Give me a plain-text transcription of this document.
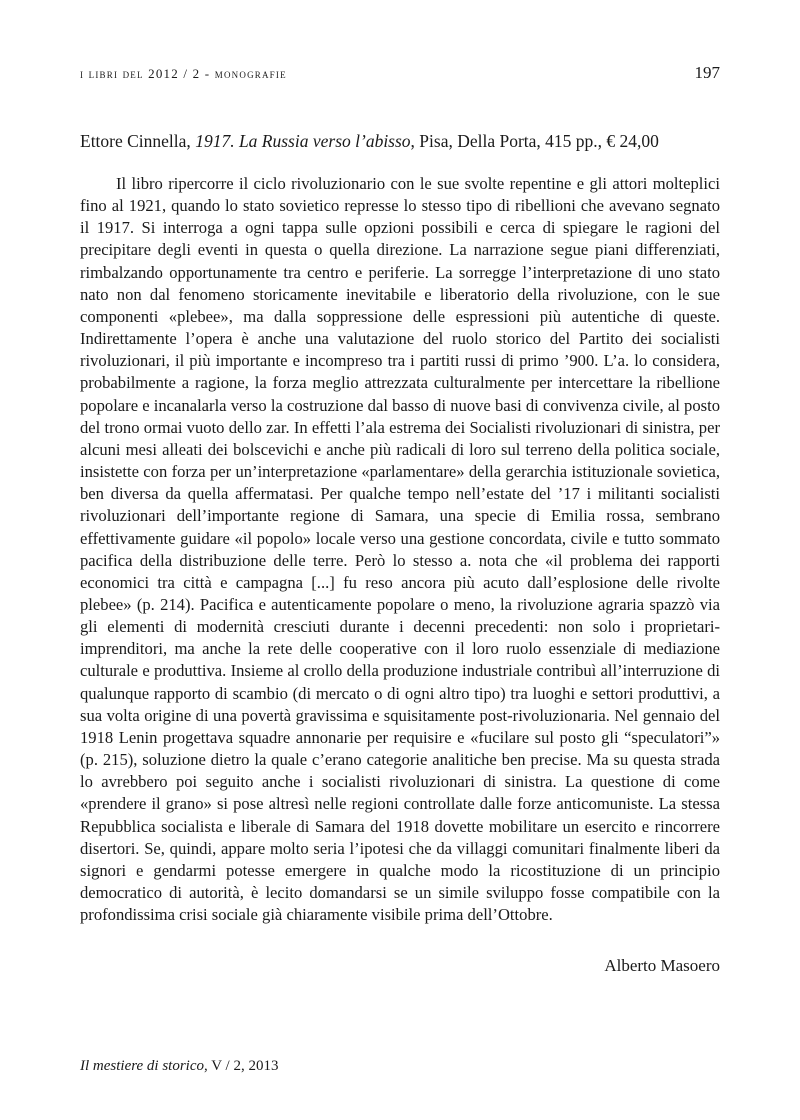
i libri del 2012 / 2 - monografie	197
Ettore Cinnella, 1917. La Russia verso l’abisso, Pisa, Della Porta, 415 pp., € 24,00

Il libro ripercorre il ciclo rivoluzionario con le sue svolte repentine e gli attori molteplici fino al 1921, quando lo stato sovietico represse lo stesso tipo di ribellioni che avevano segnato il 1917. Si interroga a ogni tappa sulle opzioni possibili e cerca di spiegare le ragioni del precipitare degli eventi in questa o quella direzione. La narrazione segue piani differenziati, rimbalzando opportunamente tra centro e periferie. La sorregge l’interpretazione di uno stato nato non dal fenomeno storicamente inevitabile e liberatorio della rivoluzione, con le sue componenti «plebee», ma dalla soppressione delle espressioni più autentiche di queste. Indirettamente l’opera è anche una valutazione del ruolo storico del Partito dei socialisti rivoluzionari, il più importante e incompreso tra i partiti russi di primo ’900. L’a. lo considera, probabilmente a ragione, la forza meglio attrezzata culturalmente per intercettare la ribellione popolare e incanalarla verso la costruzione dal basso di nuove basi di convivenza civile, al posto del trono ormai vuoto dello zar. In effetti l’ala estrema dei Socialisti rivoluzionari di sinistra, per alcuni mesi alleati dei bolscevichi e anche più radicali di loro sul terreno della politica sociale, insistette con forza per un’interpretazione «parlamentare» della gerarchia istituzionale sovietica, ben diversa da quella affermatasi. Per qualche tempo nell’estate del ’17 i militanti socialisti rivoluzionari dell’importante regione di Samara, una specie di Emilia rossa, sembrano effettivamente guidare «il popolo» locale verso una gestione concordata, civile e tutto sommato pacifica della distribuzione delle terre. Però lo stesso a. nota che «il problema dei rapporti economici tra città e campagna [...] fu reso ancora più acuto dall’esplosione delle rivolte plebee» (p. 214). Pacifica e autenticamente popolare o meno, la rivoluzione agraria spazzò via gli elementi di modernità cresciuti durante i decenni precedenti: non solo i proprietari-imprenditori, ma anche la rete delle cooperative con il loro ruolo essenziale di mediazione culturale e produttiva. Insieme al crollo della produzione industriale contribuì all’interruzione di qualunque rapporto di scambio (di mercato o di ogni altro tipo) tra luoghi e settori produttivi, a sua volta origine di una povertà gravissima e squisitamente post-rivoluzionaria. Nel gennaio del 1918 Lenin progettava squadre annonarie per requisire e «fucilare sul posto gli “speculatori”» (p. 215), soluzione dietro la quale c’erano categorie analitiche ben precise. Ma su questa strada lo avrebbero poi seguito anche i socialisti rivoluzionari di sinistra. La questione di come «prendere il grano» si pose altresì nelle regioni controllate dalle forze anticomuniste. La stessa Repubblica socialista e liberale di Samara del 1918 dovette mobilitare un esercito e rincorrere disertori. Se, quindi, appare molto seria l’ipotesi che da villaggi comunitari finalmente liberi da signori e gendarmi potesse emergere in qualche modo la ricostituzione di un principio democratico di autorità, è lecito domandarsi se un simile sviluppo fosse compatibile con la profondissima crisi sociale già chiaramente visibile prima dell’Ottobre.

Alberto Masoero
Il mestiere di storico, V / 2, 2013
